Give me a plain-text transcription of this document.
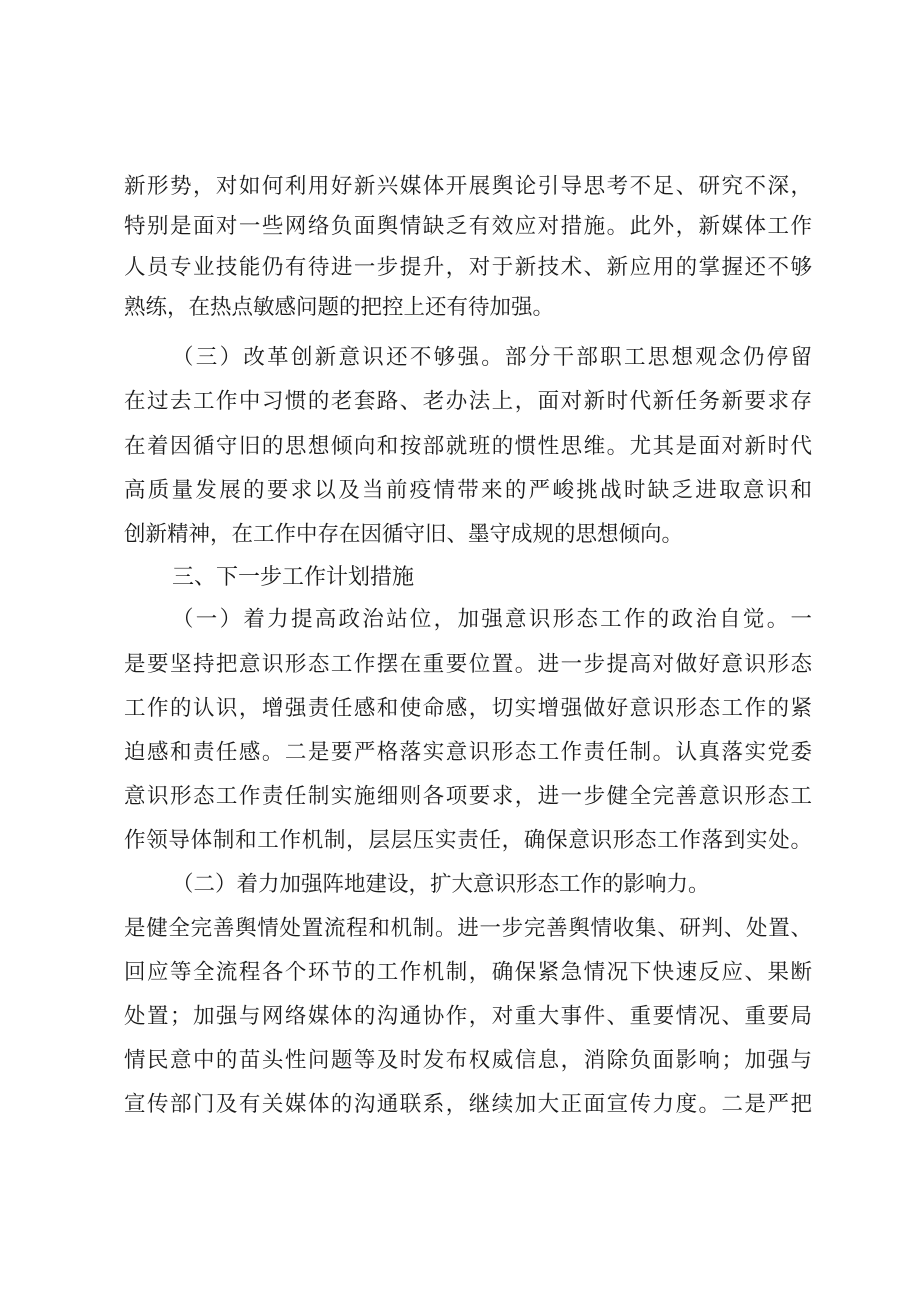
新形势，对如何利用好新兴媒体开展舆论引导思考不足、研究不深，
特别是面对一些网络负面舆情缺乏有效应对措施。此外，新媒体工作
人员专业技能仍有待进一步提升，对于新技术、新应用的掌握还不够
熟练，在热点敏感问题的把控上还有待加强。
（三）改革创新意识还不够强。部分干部职工思想观念仍停留
在过去工作中习惯的老套路、老办法上，面对新时代新任务新要求存
在着因循守旧的思想倾向和按部就班的惯性思维。尤其是面对新时代
高质量发展的要求以及当前疫情带来的严峻挑战时缺乏进取意识和
创新精神，在工作中存在因循守旧、墨守成规的思想倾向。
三、下一步工作计划措施
（一）着力提高政治站位，加强意识形态工作的政治自觉。一
是要坚持把意识形态工作摆在重要位置。进一步提高对做好意识形态
工作的认识，增强责任感和使命感，切实增强做好意识形态工作的紧
迫感和责任感。二是要严格落实意识形态工作责任制。认真落实党委
意识形态工作责任制实施细则各项要求，进一步健全完善意识形态工
作领导体制和工作机制，层层压实责任，确保意识形态工作落到实处。
（二）着力加强阵地建设，扩大意识形态工作的影响力。
是健全完善舆情处置流程和机制。进一步完善舆情收集、研判、处置、
回应等全流程各个环节的工作机制，确保紧急情况下快速反应、果断
处置；加强与网络媒体的沟通协作，对重大事件、重要情况、重要局
情民意中的苗头性问题等及时发布权威信息，消除负面影响；加强与
宣传部门及有关媒体的沟通联系，继续加大正面宣传力度。二是严把
